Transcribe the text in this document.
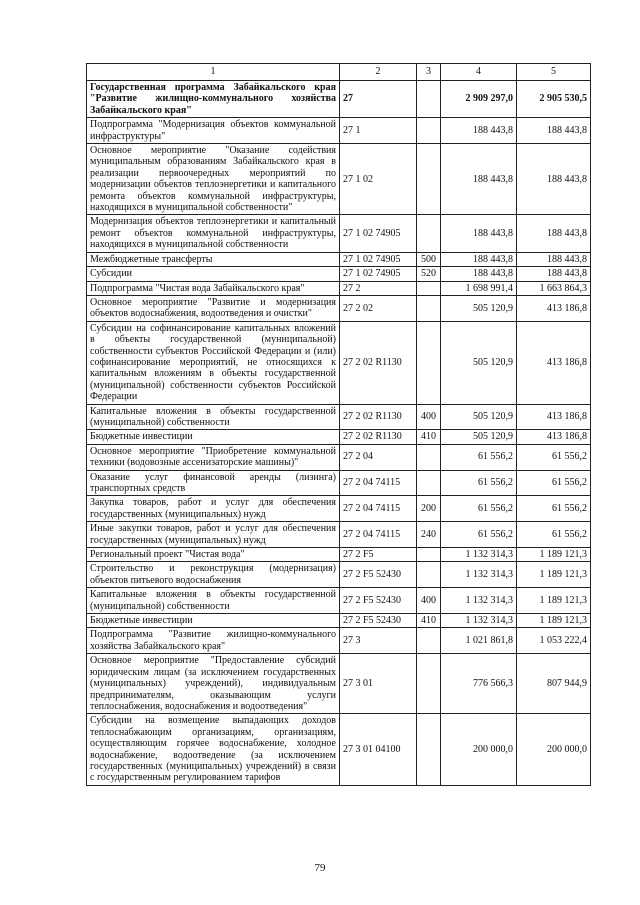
1	2	3	4	5
Государственная программа Забайкальского края "Развитие жилищно-коммунального хозяйства Забайкальского края"	27		2 909 297,0	2 905 530,5
Подпрограмма "Модернизация объектов коммунальной инфраструктуры"	27 1		188 443,8	188 443,8
Основное мероприятие "Оказание содействия муниципальным образованиям Забайкальского края в реализации первоочередных мероприятий по модернизации объектов теплоэнергетики и капитального ремонта объектов коммунальной инфраструктуры, находящихся в муниципальной собственности"	27 1 02		188 443,8	188 443,8
Модернизация объектов теплоэнергетики и капитальный ремонт объектов коммунальной инфраструктуры, находящихся в муниципальной собственности	27 1 02 74905		188 443,8	188 443,8
Межбюджетные трансферты	27 1 02 74905	500	188 443,8	188 443,8
Субсидии	27 1 02 74905	520	188 443,8	188 443,8
Подпрограмма "Чистая вода Забайкальского края"	27 2		1 698 991,4	1 663 864,3
Основное мероприятие "Развитие и модернизация объектов водоснабжения, водоотведения и очистки"	27 2 02		505 120,9	413 186,8
Субсидии на софинансирование капитальных вложений в объекты государственной (муниципальной) собственности субъектов Российской Федерации и (или) софинансирование мероприятий, не относящихся к капитальным вложениям в объекты государственной (муниципальной) собственности субъектов Российской Федерации	27 2 02 R1130		505 120,9	413 186,8
Капитальные вложения в объекты государственной (муниципальной) собственности	27 2 02 R1130	400	505 120,9	413 186,8
Бюджетные инвестиции	27 2 02 R1130	410	505 120,9	413 186,8
Основное мероприятие "Приобретение коммунальной техники (водовозные ассенизаторские машины)"	27 2 04		61 556,2	61 556,2
Оказание услуг финансовой аренды (лизинга) транспортных средств	27 2 04 74115		61 556,2	61 556,2
Закупка товаров, работ и услуг для обеспечения государственных (муниципальных) нужд	27 2 04 74115	200	61 556,2	61 556,2
Иные закупки товаров, работ и услуг для обеспечения государственных (муниципальных) нужд	27 2 04 74115	240	61 556,2	61 556,2
Региональный проект "Чистая вода"	27 2 F5		1 132 314,3	1 189 121,3
Строительство и реконструкция (модернизация) объектов питьевого водоснабжения	27 2 F5 52430		1 132 314,3	1 189 121,3
Капитальные вложения в объекты государственной (муниципальной) собственности	27 2 F5 52430	400	1 132 314,3	1 189 121,3
Бюджетные инвестиции	27 2 F5 52430	410	1 132 314,3	1 189 121,3
Подпрограмма "Развитие жилищно-коммунального хозяйства Забайкальского края"	27 3		1 021 861,8	1 053 222,4
Основное мероприятие "Предоставление субсидий юридическим лицам (за исключением государственных (муниципальных) учреждений), индивидуальным предпринимателям, оказывающим услуги теплоснабжения, водоснабжения и водоотведения"	27 3 01		776 566,3	807 944,9
Субсидии на возмещение выпадающих доходов теплоснабжающим организациям, организациям, осуществляющим горячее водоснабжение, холодное водоснабжение, водоотведение (за исключением государственных (муниципальных) учреждений) в связи с государственным регулированием тарифов	27 3 01 04100		200 000,0	200 000,0
79
